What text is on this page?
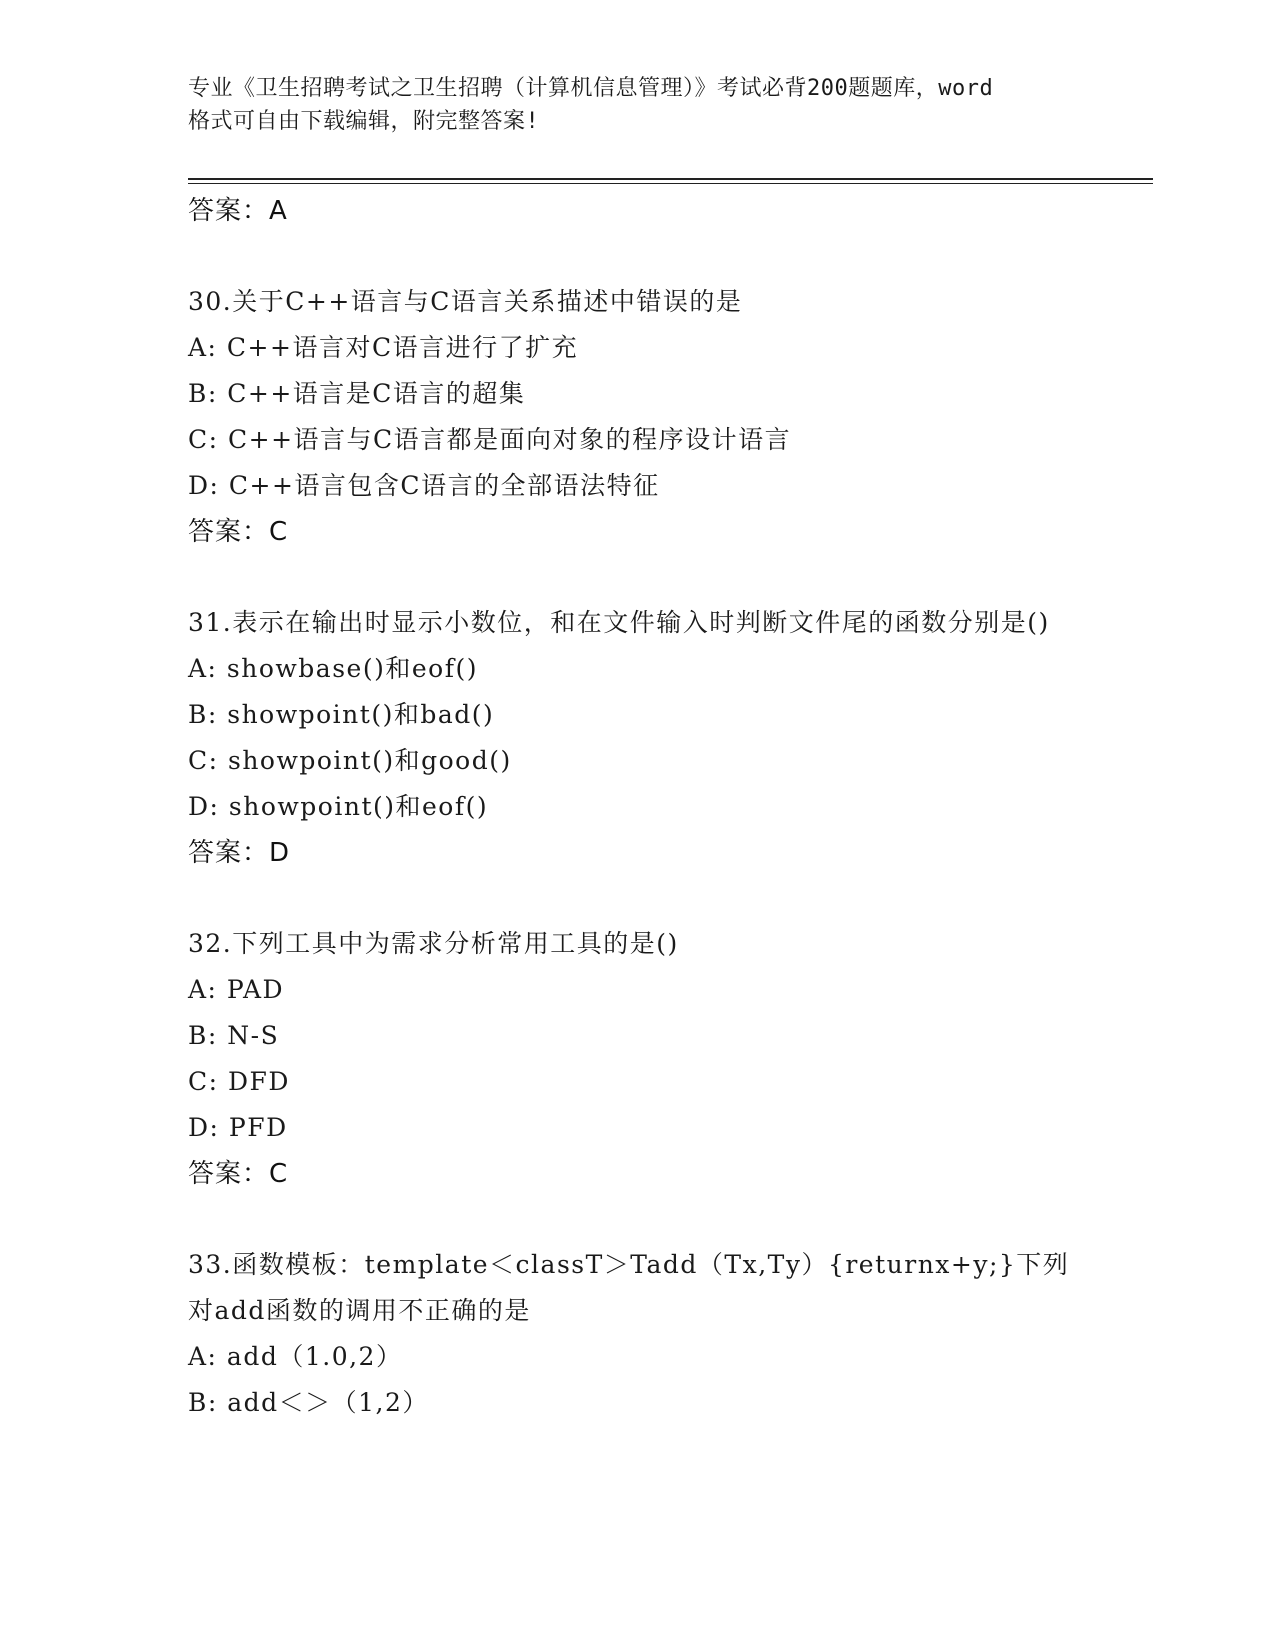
专业《卫生招聘考试之卫生招聘（计算机信息管理）》考试必背200题题库，word
格式可自由下载编辑，附完整答案!
答案：A
30.关于C++语言与C语言关系描述中错误的是
A: C++语言对C语言进行了扩充
B: C++语言是C语言的超集
C: C++语言与C语言都是面向对象的程序设计语言
D: C++语言包含C语言的全部语法特征
答案：C
31.表示在输出时显示小数位，和在文件输入时判断文件尾的函数分别是()
A: showbase()和eof()
B: showpoint()和bad()
C: showpoint()和good()
D: showpoint()和eof()
答案：D
32.下列工具中为需求分析常用工具的是()
A: PAD
B: N-S
C: DFD
D: PFD
答案：C
33.函数模板：template＜classT＞Tadd（Tx,Ty）{returnx+y;}下列对add函数的调用不正确的是
A: add（1.0,2）
B: add＜＞（1,2）
